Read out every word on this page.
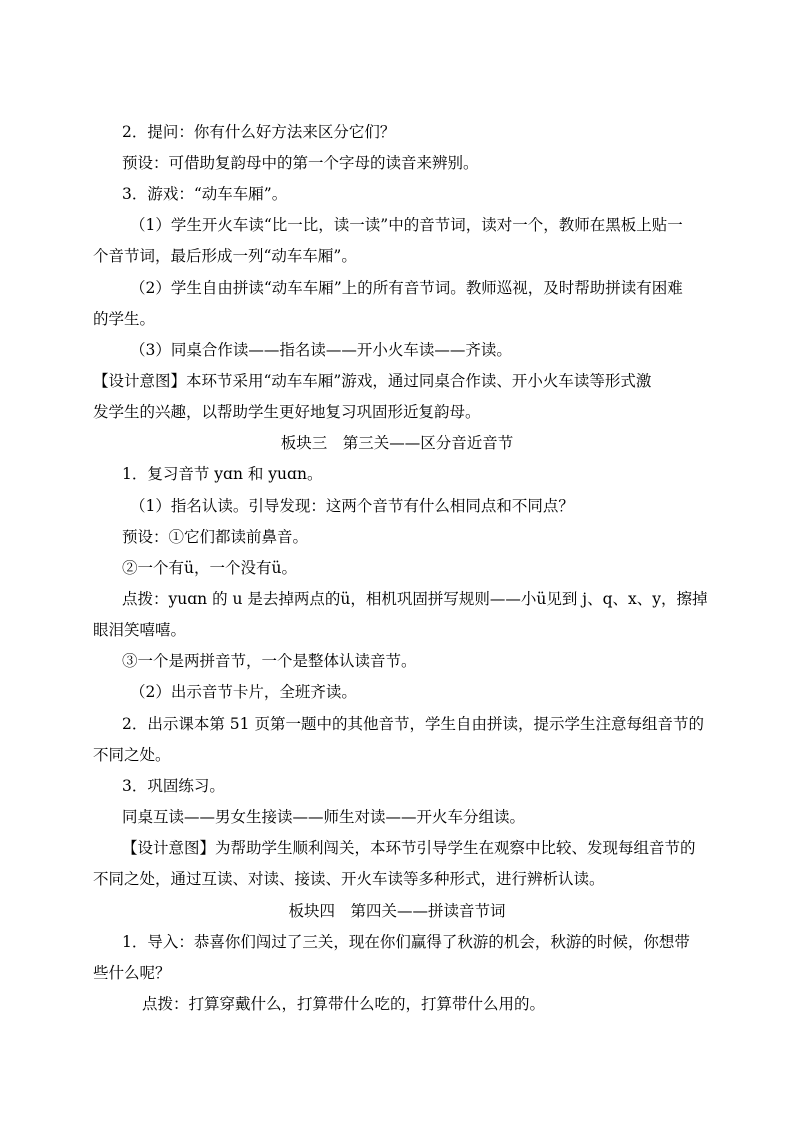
2．提问：你有什么好方法来区分它们？
预设：可借助复韵母中的第一个字母的读音来辨别。
3．游戏：“动车车厢”。
（1）学生开火车读“比一比，读一读”中的音节词，读对一个，教师在黑板上贴一
个音节词，最后形成一列“动车车厢”。
（2）学生自由拼读“动车车厢”上的所有音节词。教师巡视，及时帮助拼读有困难
的学生。
（3）同桌合作读——指名读——开小火车读——齐读。
【设计意图】本环节采用“动车车厢”游戏，通过同桌合作读、开小火车读等形式激
发学生的兴趣，以帮助学生更好地复习巩固形近复韵母。
板块三　第三关——区分音近音节
1．复习音节 yɑn 和 yuɑn。
（1）指名认读。引导发现：这两个音节有什么相同点和不同点？
预设：①它们都读前鼻音。
②一个有ü，一个没有ü。
点拨：yuɑn 的 u 是去掉两点的ü，相机巩固拼写规则——小ü见到 j、q、x、y，擦掉
眼泪笑嘻嘻。
③一个是两拼音节，一个是整体认读音节。
（2）出示音节卡片，全班齐读。
2．出示课本第 51 页第一题中的其他音节，学生自由拼读，提示学生注意每组音节的
不同之处。
3．巩固练习。
同桌互读——男女生接读——师生对读——开火车分组读。
【设计意图】为帮助学生顺利闯关，本环节引导学生在观察中比较、发现每组音节的
不同之处，通过互读、对读、接读、开火车读等多种形式，进行辨析认读。
板块四　第四关——拼读音节词
1．导入：恭喜你们闯过了三关，现在你们赢得了秋游的机会，秋游的时候，你想带
些什么呢？
点拨：打算穿戴什么，打算带什么吃的，打算带什么用的。
